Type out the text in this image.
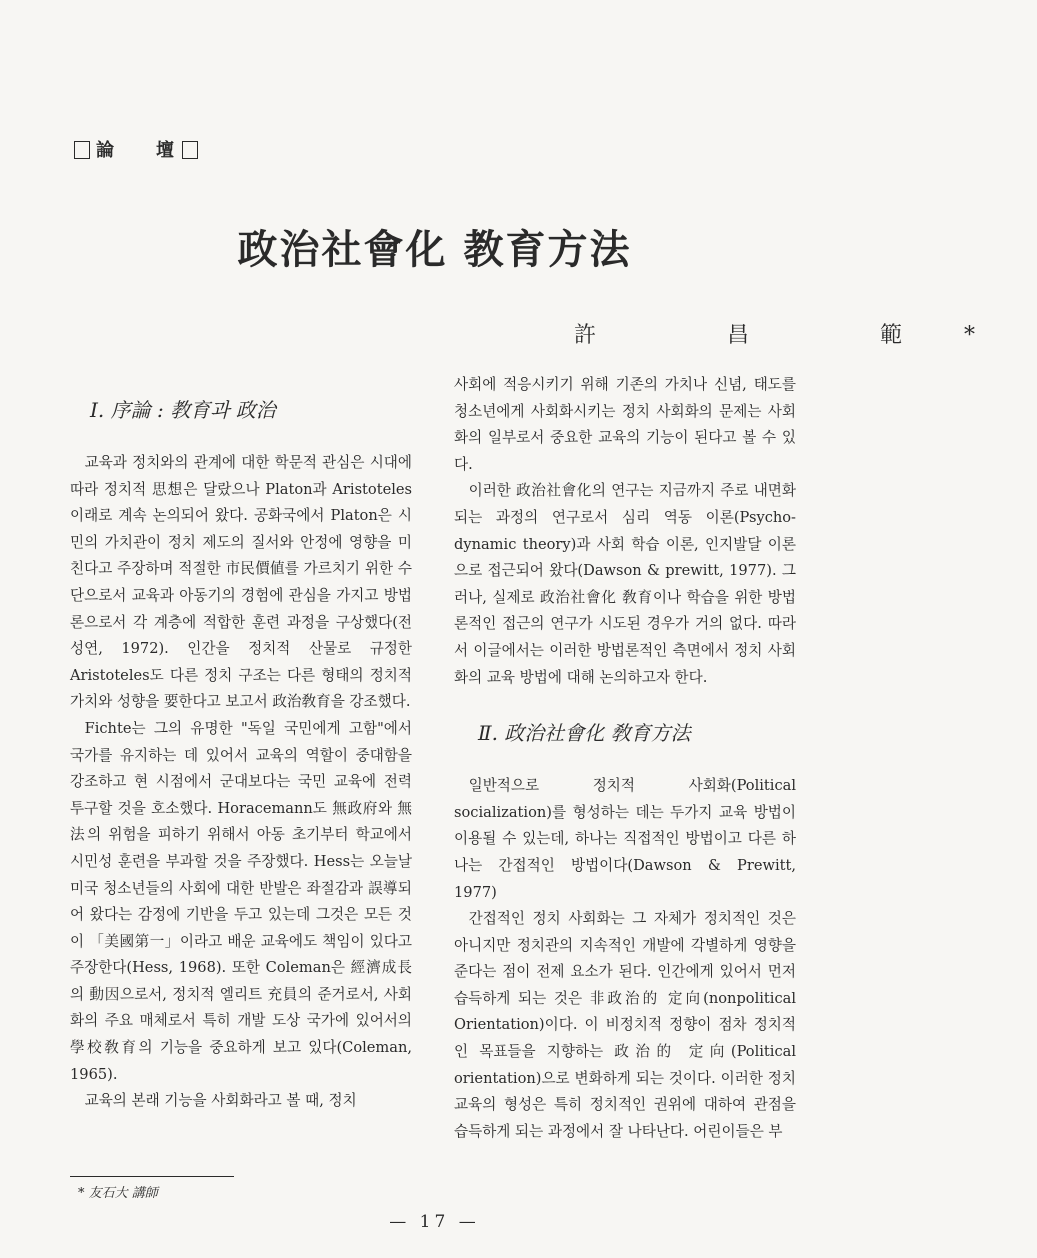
論 壇
政治社會化 教育方法
許 昌 範*
Ⅰ. 序論 : 教育과 政治

교육과 정치와의 관계에 대한 학문적 관심은 시대에 따라 정치적 思想은 달랐으나 Platon과 Aristoteles 이래로 계속 논의되어 왔다. 공화국에서 Platon은 시민의 가치관이 정치 제도의 질서와 안정에 영향을 미친다고 주장하며 적절한 市民價値를 가르치기 위한 수단으로서 교육과 아동기의 경험에 관심을 가지고 방법론으로서 각 계층에 적합한 훈련 과정을 구상했다(전성연, 1972). 인간을 정치적 산물로 규정한 Aristoteles도 다른 정치 구조는 다른 형태의 정치적 가치와 성향을 要한다고 보고서 政治敎育을 강조했다.

Fichte는 그의 유명한 "독일 국민에게 고함"에서 국가를 유지하는 데 있어서 교육의 역할이 중대함을 강조하고 현 시점에서 군대보다는 국민 교육에 전력 투구할 것을 호소했다. Horacemann도 無政府와 無法의 위험을 피하기 위해서 아동 초기부터 학교에서 시민성 훈련을 부과할 것을 주장했다. Hess는 오늘날 미국 청소년들의 사회에 대한 반발은 좌절감과 誤導되어 왔다는 감정에 기반을 두고 있는데 그것은 모든 것이 「美國第一」이라고 배운 교육에도 책임이 있다고 주장한다(Hess, 1968). 또한 Coleman은 經濟成長의 動因으로서, 정치적 엘리트 充員의 준거로서, 사회화의 주요 매체로서 특히 개발 도상 국가에 있어서의 學校敎育의 기능을 중요하게 보고 있다(Coleman, 1965).

교육의 본래 기능을 사회화라고 볼 때, 정치

사회에 적응시키기 위해 기존의 가치나 신념, 태도를 청소년에게 사회화시키는 정치 사회화의 문제는 사회화의 일부로서 중요한 교육의 기능이 된다고 볼 수 있다.

이러한 政治社會化의 연구는 지금까지 주로 내면화되는 과정의 연구로서 심리 역동 이론(Psycho-dynamic theory)과 사회 학습 이론, 인지발달 이론으로 접근되어 왔다(Dawson & prewitt, 1977). 그러나, 실제로 政治社會化 敎育이나 학습을 위한 방법론적인 접근의 연구가 시도된 경우가 거의 없다. 따라서 이글에서는 이러한 방법론적인 측면에서 정치 사회화의 교육 방법에 대해 논의하고자 한다.

Ⅱ. 政治社會化 敎育方法

일반적으로 정치적 사회화(Political socialization)를 형성하는 데는 두가지 교육 방법이 이용될 수 있는데, 하나는 직접적인 방법이고 다른 하나는 간접적인 방법이다(Dawson & Prewitt, 1977)

간접적인 정치 사회화는 그 자체가 정치적인 것은 아니지만 정치관의 지속적인 개발에 각별하게 영향을 준다는 점이 전제 요소가 된다. 인간에게 있어서 먼저 습득하게 되는 것은 非政治的 定向(nonpolitical Orientation)이다. 이 비정치적 정향이 점차 정치적인 목표들을 지향하는 政治的 定向(Political orientation)으로 변화하게 되는 것이다. 이러한 정치 교육의 형성은 특히 정치적인 권위에 대하여 관점을 습득하게 되는 과정에서 잘 나타난다. 어린이들은 부

* 友石大 講師
— 17 —
